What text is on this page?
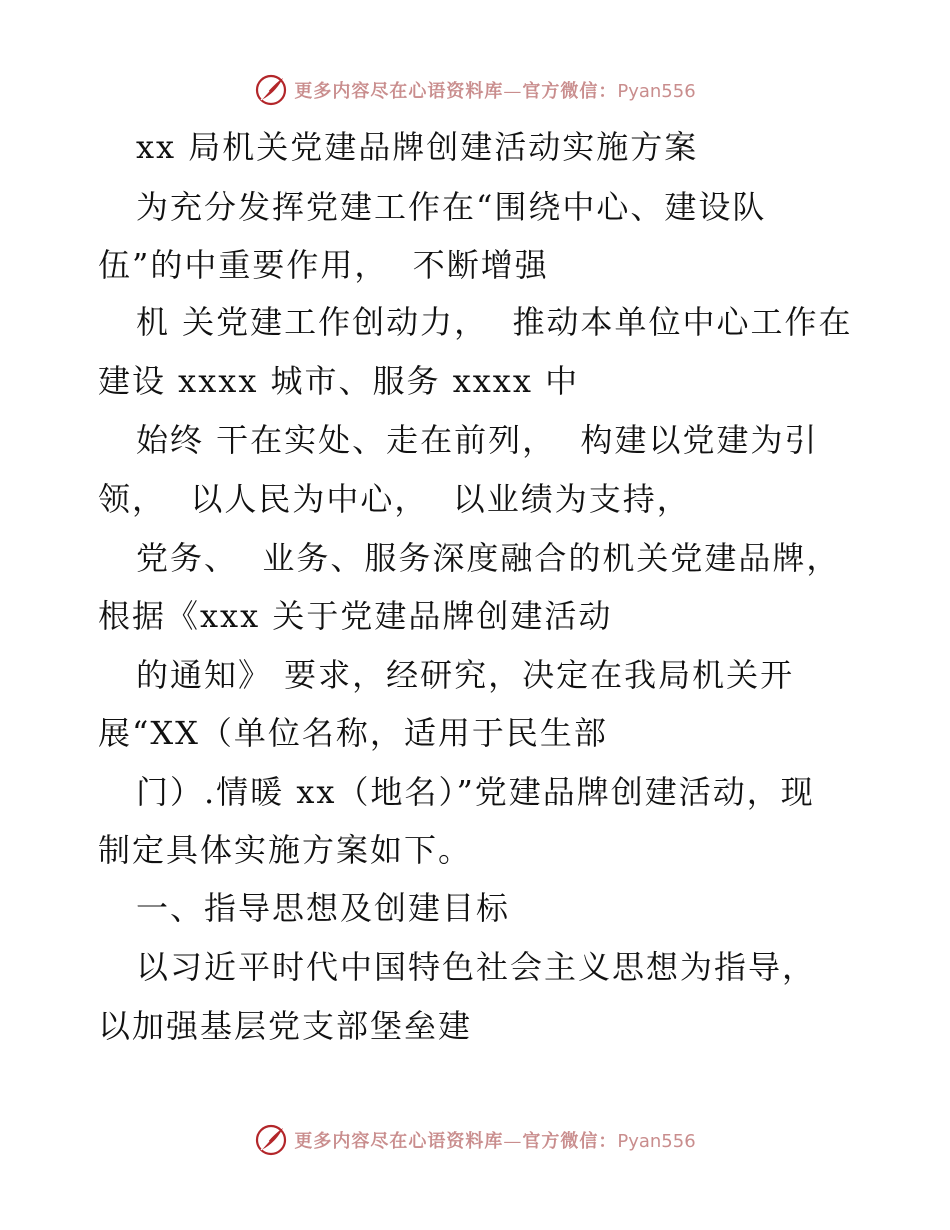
更多内容尽在心语资料库—官方微信：Pyan556
xx 局机关党建品牌创建活动实施方案
为充分发挥党建工作在“围绕中心、建设队
伍”的中重要作用，  不断增强
机 关党建工作创动力，  推动本单位中心工作在
建设 xxxx 城市、服务 xxxx 中
始终 干在实处、走在前列，  构建以党建为引
领，  以人民为中心，  以业绩为支持，
党务、  业务、服务深度融合的机关党建品牌，
根据《xxx 关于党建品牌创建活动
的通知》 要求，经研究，决定在我局机关开
展“XX（单位名称，适用于民生部
门）.情暖 xx（地名）”党建品牌创建活动，现
制定具体实施方案如下。
一、指导思想及创建目标
以习近平时代中国特色社会主义思想为指导，
以加强基层党支部堡垒建
更多内容尽在心语资料库—官方微信：Pyan556
